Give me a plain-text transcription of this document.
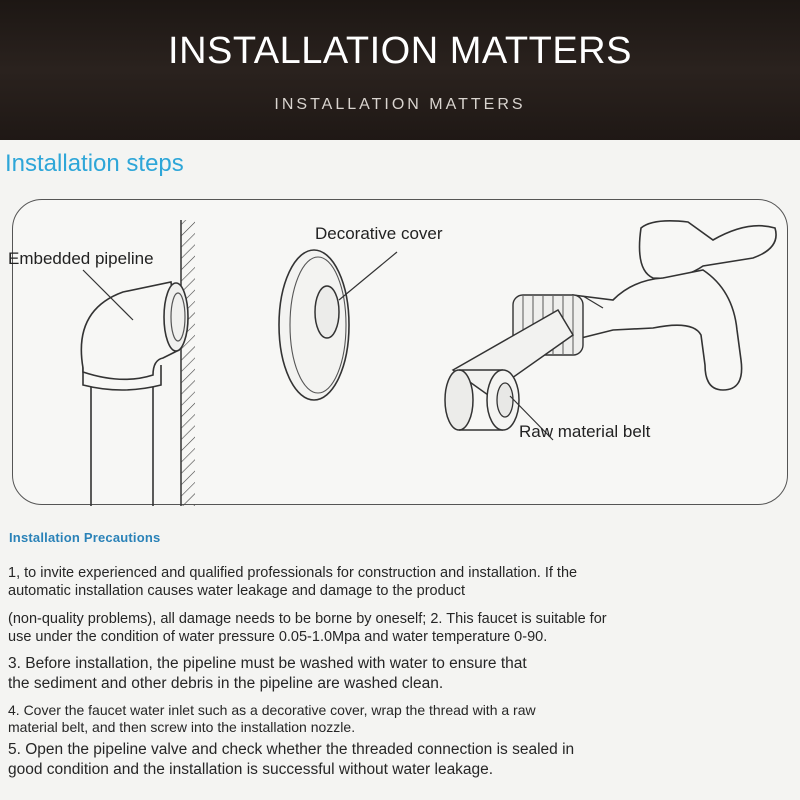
INSTALLATION MATTERS
INSTALLATION MATTERS
Installation steps
Embedded pipeline
Decorative cover
Raw material belt
Installation Precautions
1, to invite experienced and qualified professionals for construction and installation. If the
automatic installation causes water leakage and damage to the product
(non-quality problems), all damage needs to be borne by oneself; 2. This faucet is suitable for
use under the condition of water pressure 0.05-1.0Mpa and water temperature 0-90.
3. Before installation, the pipeline must be washed with water to ensure that
the sediment and other debris in the pipeline are washed clean.
4. Cover the faucet water inlet such as a decorative cover, wrap the thread with a raw
material belt, and then screw into the installation nozzle.
5. Open the pipeline valve and check whether the threaded connection is sealed in
good condition and the installation is successful without water leakage.
